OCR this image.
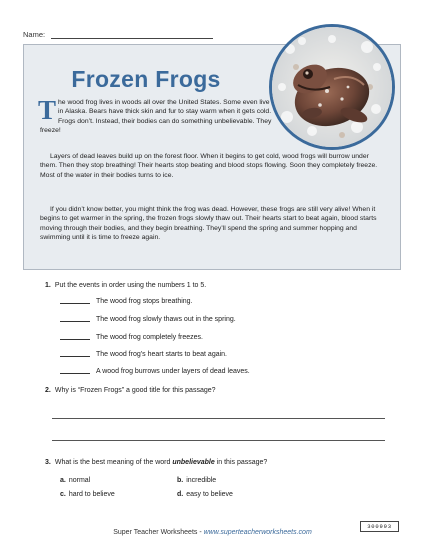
Name:
Frozen Frogs

The wood frog lives in woods all over the United States. Some even live in Alaska. Bears have thick skin and fur to stay warm when it gets cold. Frogs don’t. Instead, their bodies can do something unbelievable. They freeze!

Layers of dead leaves build up on the forest floor. When it begins to get cold, wood frogs will burrow under them. Then they stop breathing! Their hearts stop beating and blood stops flowing. Soon they completely freeze. Most of the water in their bodies turns to ice.

If you didn’t know better, you might think the frog was dead. However, these frogs are still very alive! When it begins to get warmer in the spring, the frozen frogs slowly thaw out. Their hearts start to beat again, blood starts moving through their bodies, and they begin breathing. They’ll spend the spring and summer hopping and swimming until it is time to freeze again.

1. Put the events in order using the numbers 1 to 5.
The wood frog stops breathing.
The wood frog slowly thaws out in the spring.
The wood frog completely freezes.
The wood frog’s heart starts to beat again.
A wood frog burrows under layers of dead leaves.
2. Why is “Frozen Frogs” a good title for this passage?
3. What is the best meaning of the word unbelievable in this passage?
a. normal	b. incredible
c. hard to believe	d. easy to believe
300993
Super Teacher Worksheets - www.superteacherworksheets.com
